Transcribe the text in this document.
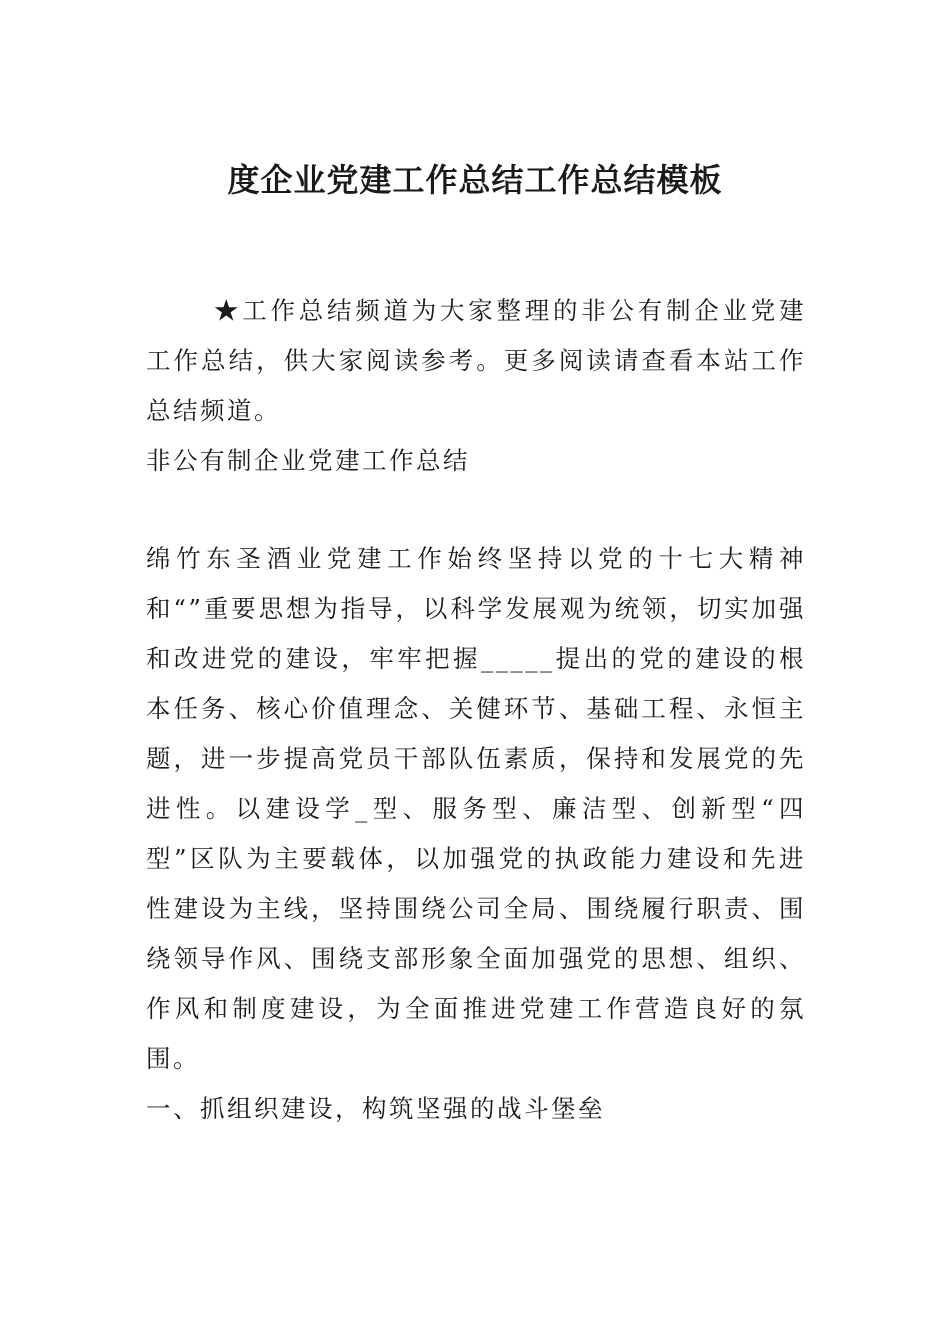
度企业党建工作总结工作总结模板

★工作总结频道为大家整理的非公有制企业党建工作总结，供大家阅读参考。更多阅读请查看本站工作总结频道。

非公有制企业党建工作总结

绵竹东圣酒业党建工作始终坚持以党的十七大精神和“”重要思想为指导，以科学发展观为统领，切实加强和改进党的建设，牢牢把握_____提出的党的建设的根本任务、核心价值理念、关健环节、基础工程、永恒主题，进一步提高党员干部队伍素质，保持和发展党的先进性。以建设学_型、服务型、廉洁型、创新型“四型”区队为主要载体，以加强党的执政能力建设和先进性建设为主线，坚持围绕公司全局、围绕履行职责、围绕领导作风、围绕支部形象全面加强党的思想、组织、作风和制度建设，为全面推进党建工作营造良好的氛围。

一、抓组织建设，构筑坚强的战斗堡垒
